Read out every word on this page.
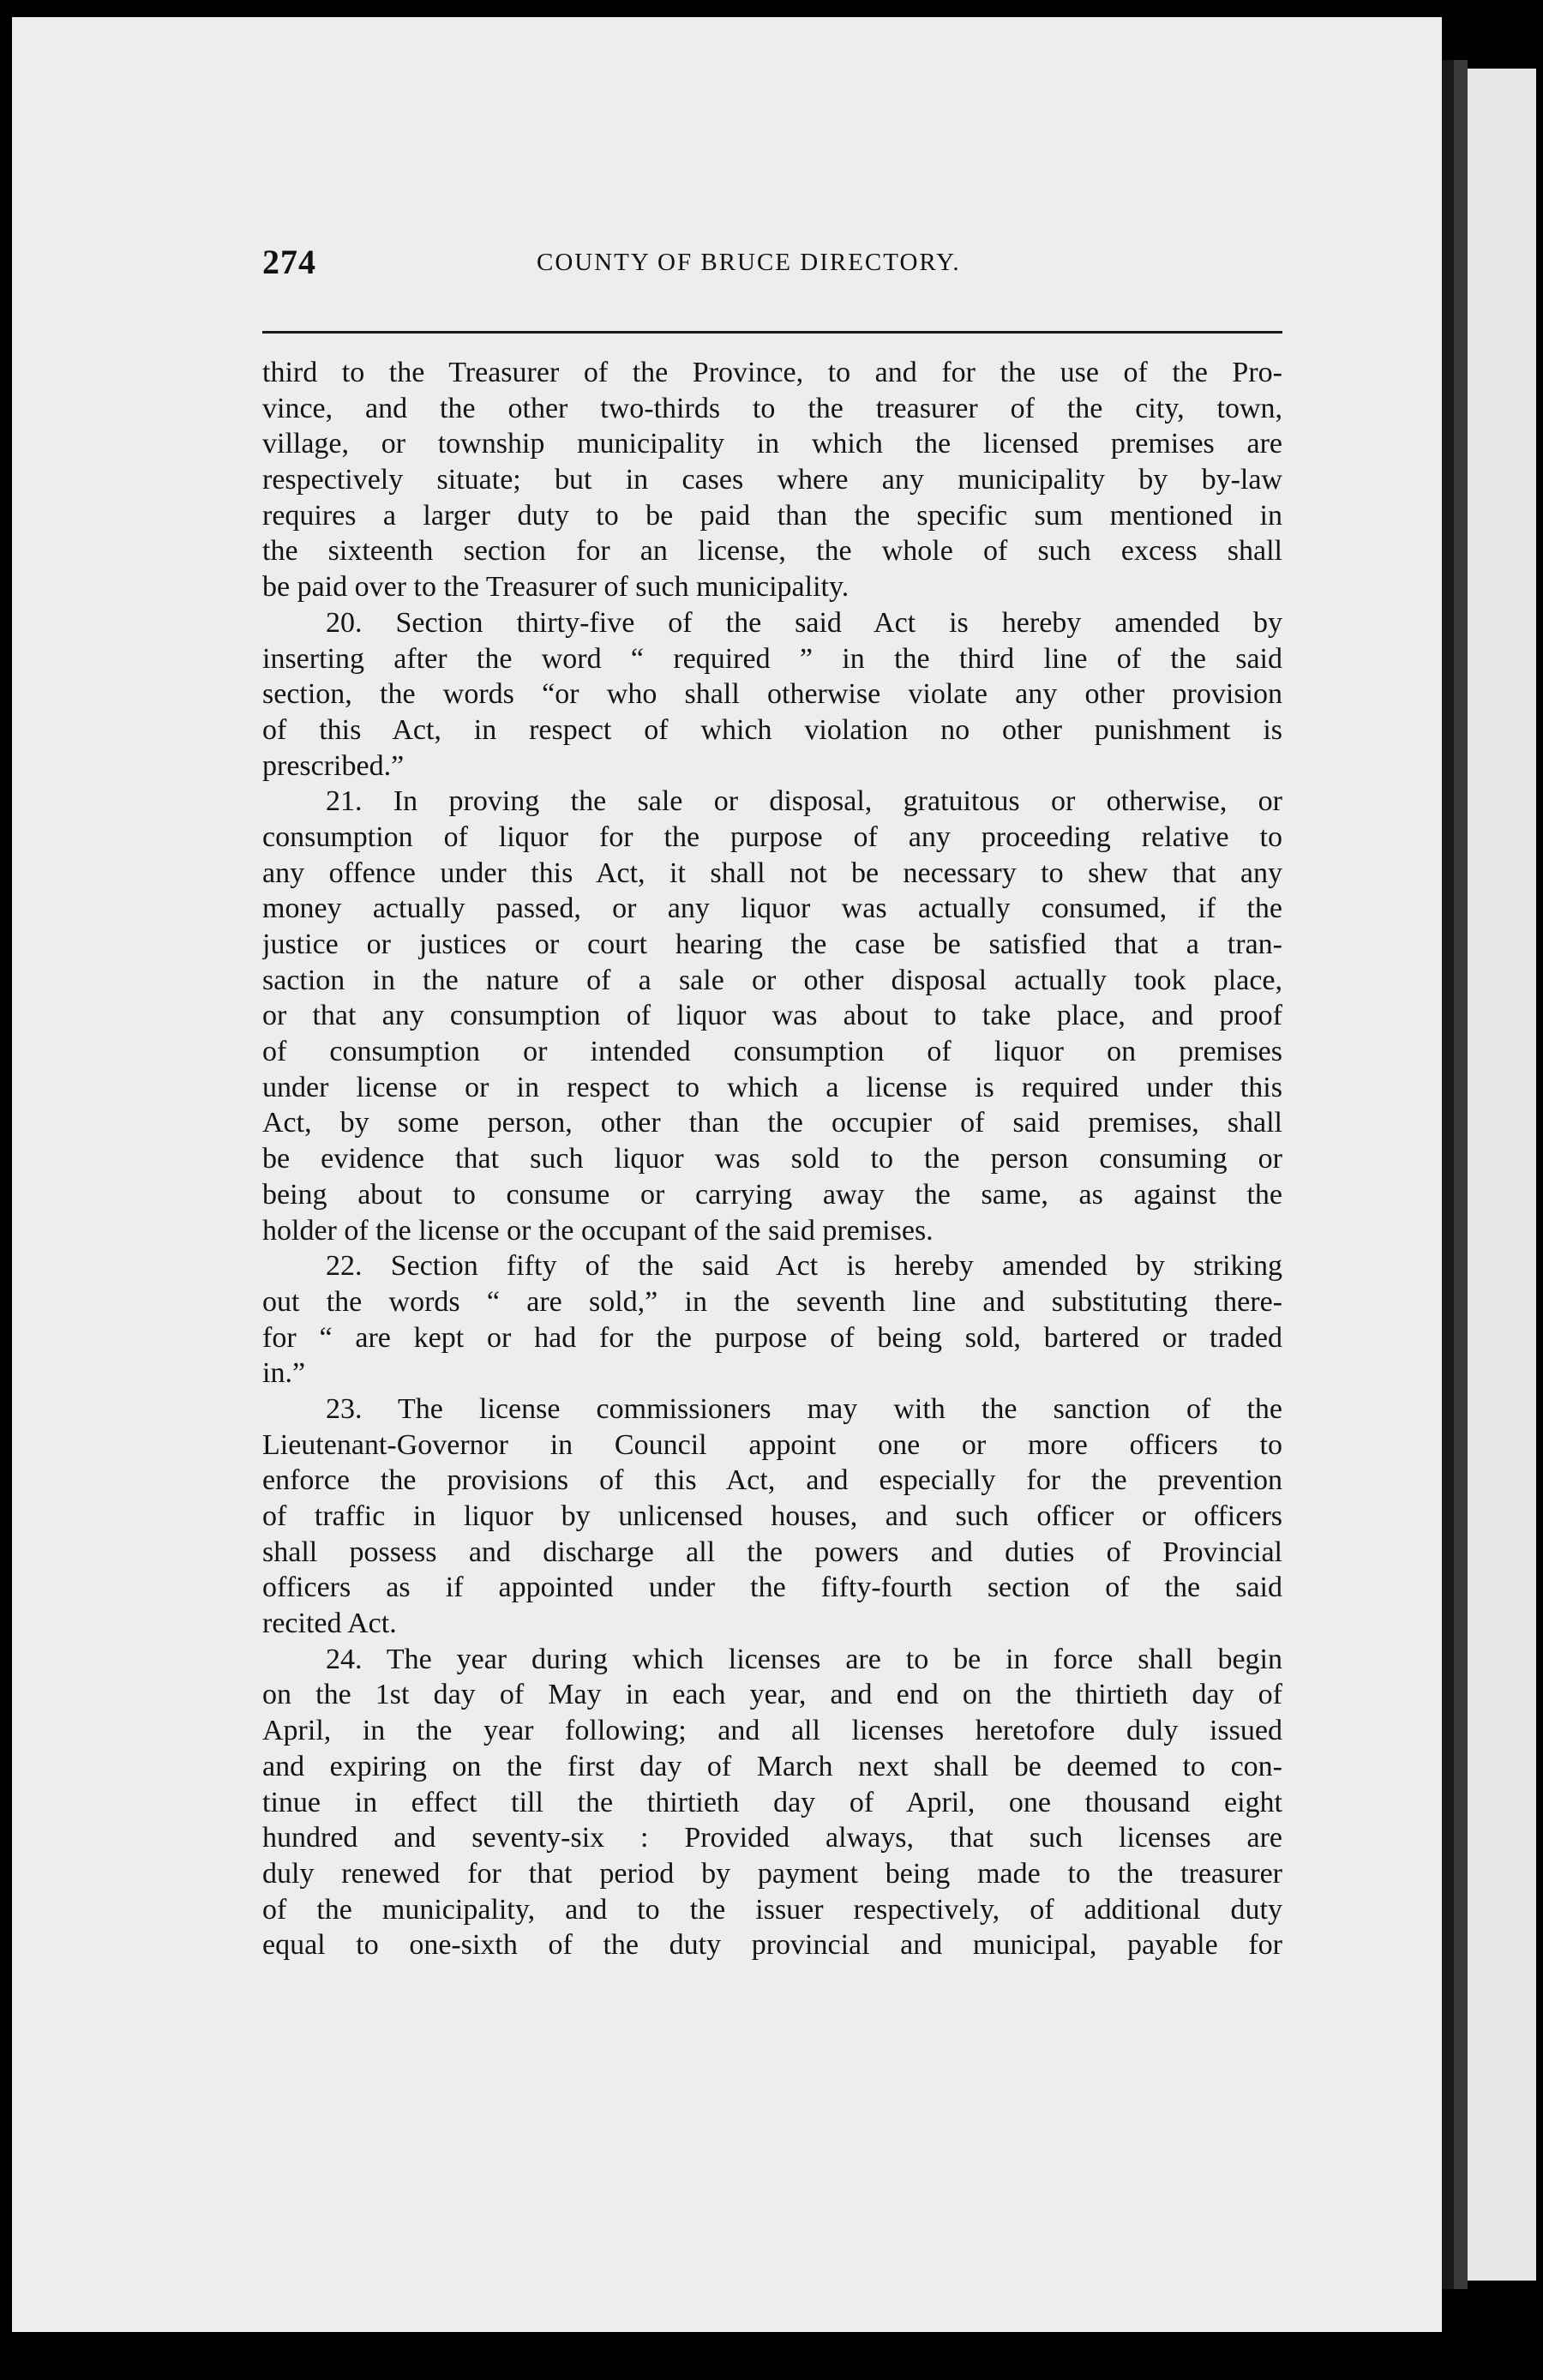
274	COUNTY OF BRUCE DIRECTORY.
third to the Treasurer of the Province, to and for the use of the Pro-
vince, and the other two-thirds to the treasurer of the city, town,
village, or township municipality in which the licensed premises are
respectively situate; but in cases where any municipality by by-law
requires a larger duty to be paid than the specific sum mentioned in
the sixteenth section for an license, the whole of such excess shall
be paid over to the Treasurer of such municipality.
20. Section thirty-five of the said Act is hereby amended by
inserting after the word “ required ” in the third line of the said
section, the words “or who shall otherwise violate any other provision
of this Act, in respect of which violation no other punishment is
prescribed.”
21. In proving the sale or disposal, gratuitous or otherwise, or
consumption of liquor for the purpose of any proceeding relative to
any offence under this Act, it shall not be necessary to shew that any
money actually passed, or any liquor was actually consumed, if the
justice or justices or court hearing the case be satisfied that a tran-
saction in the nature of a sale or other disposal actually took place,
or that any consumption of liquor was about to take place, and proof
of consumption or intended consumption of liquor on premises
under license or in respect to which a license is required under this
Act, by some person, other than the occupier of said premises, shall
be evidence that such liquor was sold to the person consuming or
being about to consume or carrying away the same, as against the
holder of the license or the occupant of the said premises.
22. Section fifty of the said Act is hereby amended by striking
out the words “ are sold,” in the seventh line and substituting there-
for “ are kept or had for the purpose of being sold, bartered or traded
in.”
23. The license commissioners may with the sanction of the
Lieutenant-Governor in Council appoint one or more officers to
enforce the provisions of this Act, and especially for the prevention
of traffic in liquor by unlicensed houses, and such officer or officers
shall possess and discharge all the powers and duties of Provincial
officers as if appointed under the fifty-fourth section of the said
recited Act.
24. The year during which licenses are to be in force shall begin
on the 1st day of May in each year, and end on the thirtieth day of
April, in the year following; and all licenses heretofore duly issued
and expiring on the first day of March next shall be deemed to con-
tinue in effect till the thirtieth day of April, one thousand eight
hundred and seventy-six : Provided always, that such licenses are
duly renewed for that period by payment being made to the treasurer
of the municipality, and to the issuer respectively, of additional duty
equal to one-sixth of the duty provincial and municipal, payable for
